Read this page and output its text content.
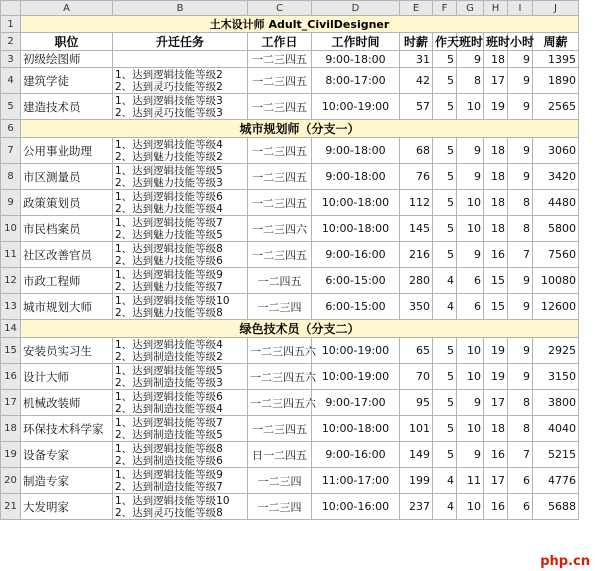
	A	B	C	D	E	F	G	H	I	J
1	土木设计师 Adult_CivilDesigner									
2	职位	升迁任务	工作日	工作时间	时薪	作天	班时	班时	小时	周薪
3	初级绘图师		一二三四五	9:00-18:00	31	5	9	18	9	1395
4	建筑学徒	1、达到逻辑技能等级2
2、达到灵巧技能等级2	一二三四五	8:00-17:00	42	5	8	17	9	1890
5	建造技术员	1、达到逻辑技能等级3
2、达到灵巧技能等级3	一二三四五	10:00-19:00	57	5	10	19	9	2565
6	城市规划师（分支一）									
7	公用事业助理	1、达到逻辑技能等级4
2、达到魅力技能等级2	一二三四五	9:00-18:00	68	5	9	18	9	3060
8	市区测量员	1、达到逻辑技能等级5
2、达到魅力技能等级3	一二三四五	9:00-18:00	76	5	9	18	9	3420
9	政策策划员	1、达到逻辑技能等级6
2、达到魅力技能等级4	一二三四五	10:00-18:00	112	5	10	18	8	4480
10	市民档案员	1、达到逻辑技能等级7
2、达到魅力技能等级5	一二三四六	10:00-18:00	145	5	10	18	8	5800
11	社区改善官员	1、达到逻辑技能等级8
2、达到魅力技能等级6	一二三四五	9:00-16:00	216	5	9	16	7	7560
12	市政工程师	1、达到逻辑技能等级9
2、达到魅力技能等级7	一二四五	6:00-15:00	280	4	6	15	9	10080
13	城市规划大师	1、达到逻辑技能等级10
2、达到魅力技能等级8	一二三四	6:00-15:00	350	4	6	15	9	12600
14	绿色技术员（分支二）									
15	安装员实习生	1、达到逻辑技能等级4
2、达到制造技能等级2	一二三四五六	10:00-19:00	65	5	10	19	9	2925
16	设计大师	1、达到逻辑技能等级5
2、达到制造技能等级3	一二三四五六	10:00-19:00	70	5	10	19	9	3150
17	机械改装师	1、达到逻辑技能等级6
2、达到制造技能等级4	一二三四五六	9:00-17:00	95	5	9	17	8	3800
18	环保技术科学家	1、达到逻辑技能等级7
2、达到制造技能等级5	一二三四五	10:00-18:00	101	5	10	18	8	4040
19	设备专家	1、达到逻辑技能等级8
2、达到制造技能等级6	日一二四五	9:00-16:00	149	5	9	16	7	5215
20	制造专家	1、达到逻辑技能等级9
2、达到制造技能等级7	一二三四	11:00-17:00	199	4	11	17	6	4776
21	大发明家	1、达到逻辑技能等级10
2、达到灵巧技能等级8	一二三四	10:00-16:00	237	4	10	16	6	5688
php.cn
